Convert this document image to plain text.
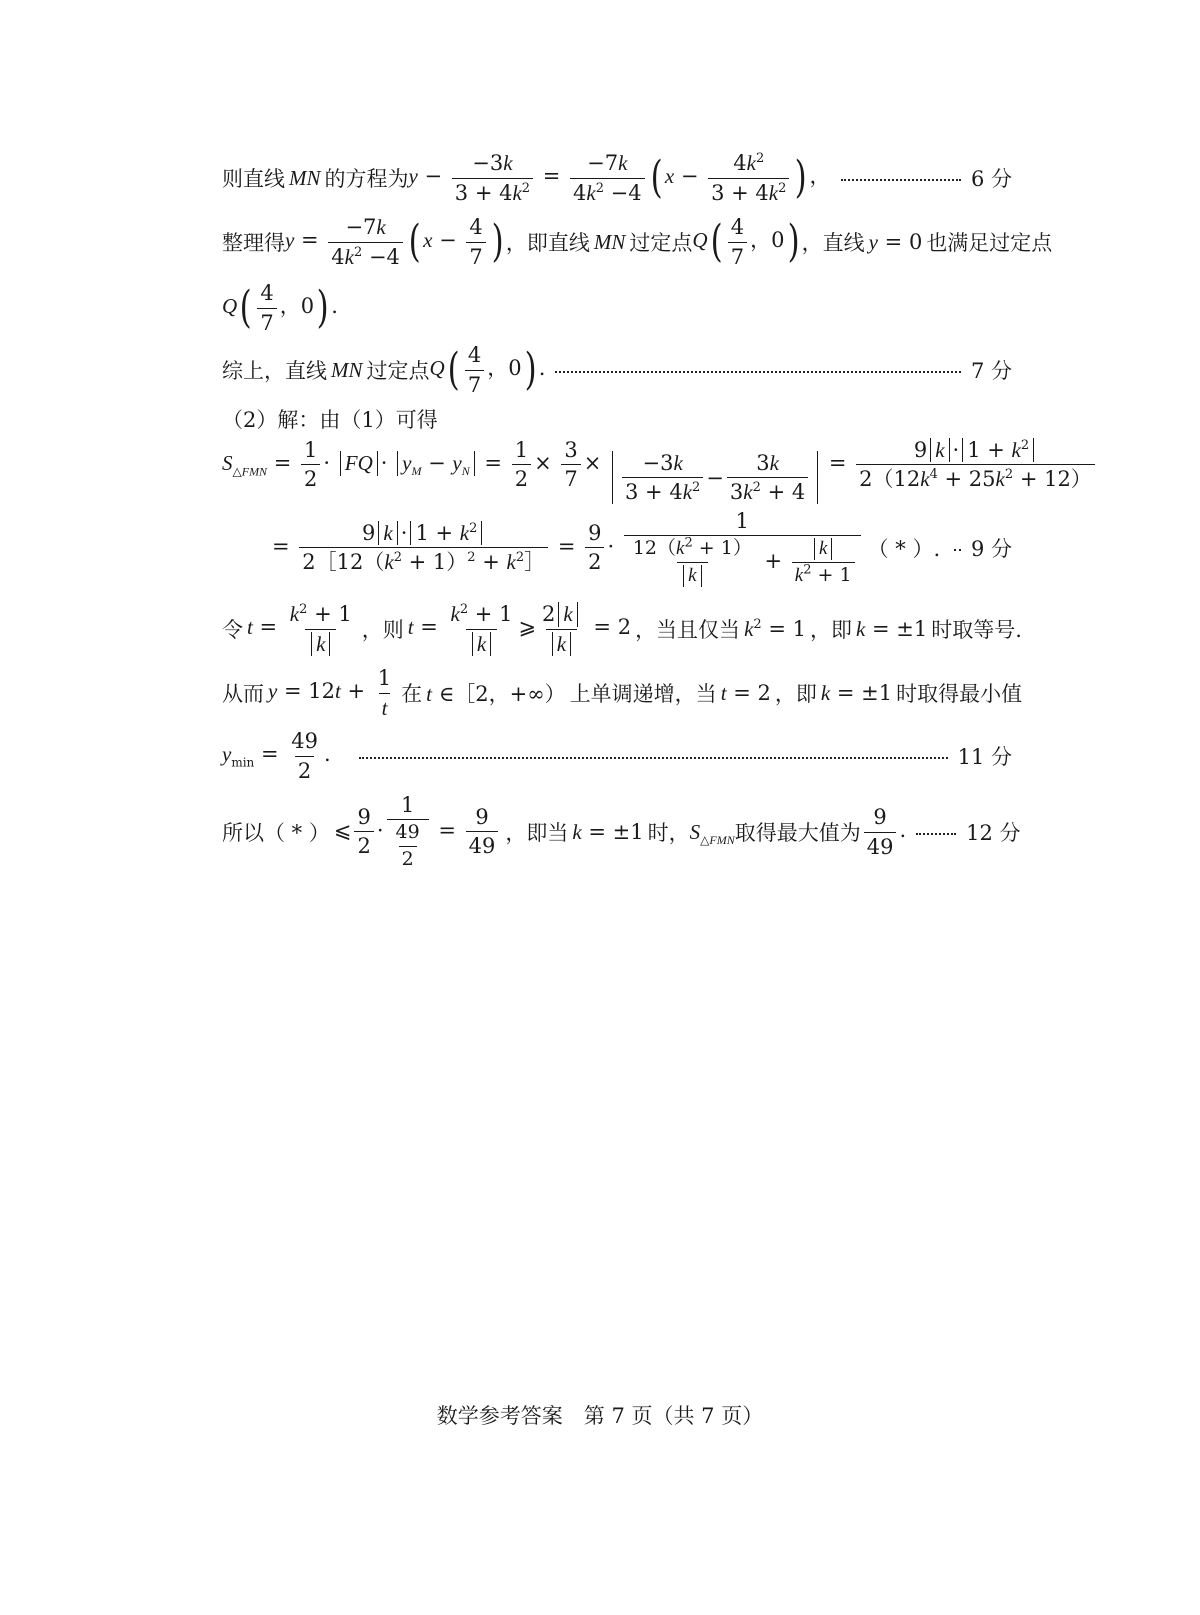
则直线 MN 的方程为 $y - \frac{-3k}{3 + 4k^2} = \frac{-7k}{4k^2 -4}$ ( $x - \frac{4k^2}{3 + 4k^2}$ ) ，	6 分
整理得 $y = \frac{-7k}{4k^2 -4}$ ( $x - \frac{4}{7}$ ) ，即直线 MN 过定点 $Q( \frac{4}{7}$ ，0) ，直线 y = 0 也满足过定点
$Q( \frac{4}{7}$ ，0) .
综上，直线 MN 过定点 $Q( \frac{4}{7}$ ，0) .	7 分
（2）解：由（1）可得
$S_{\triangle FMN} = \frac{1}{2}$ · FQ · $y_M - y_N = \frac{1}{2} \times \frac{3}{7} \times \frac{-3k}{3 + 4k^2} - \frac{3k}{3k^2 + 4} = \frac{9 k \cdot 1 + k^2}{2(12k^4 + 25k^2 + 12)}$
= $\frac{9 k \cdot 1 + k^2}{2[12(k^2 + 1)^2 + k^2]} = \frac{9}{2} \cdot \frac{1}{\frac{12(k^2 + 1)}{k} + \frac{k}{k^2 + 1}}$ （ * ）. 9 分
令 $t = \frac{k^2 + 1}{k}$ ，则 $t = \frac{k^2 + 1}{k}$ ⩾ $\frac{2 k}{k} = 2$ ，当且仅当 $k^2 = 1$ ，即 k = ±1 时取等号.
从而 $y = 12t + \frac{1}{t}$ 在 t ∈［2，+∞） 上单调递增，当 t = 2 ，即 k = ±1 时取得最小值
$y_{min} = \frac{49}{2}$ .	11 分
所以（ * ） ⩽ $\frac{9}{2} \cdot \frac{1}{\frac{49}{2}} = \frac{9}{49}$ ，即当 k = ±1 时， $S_{\triangle FMN}$ 取得最大值为 $\frac{9}{49}$ .	12 分
数学参考答案　第 7 页（共 7 页）
